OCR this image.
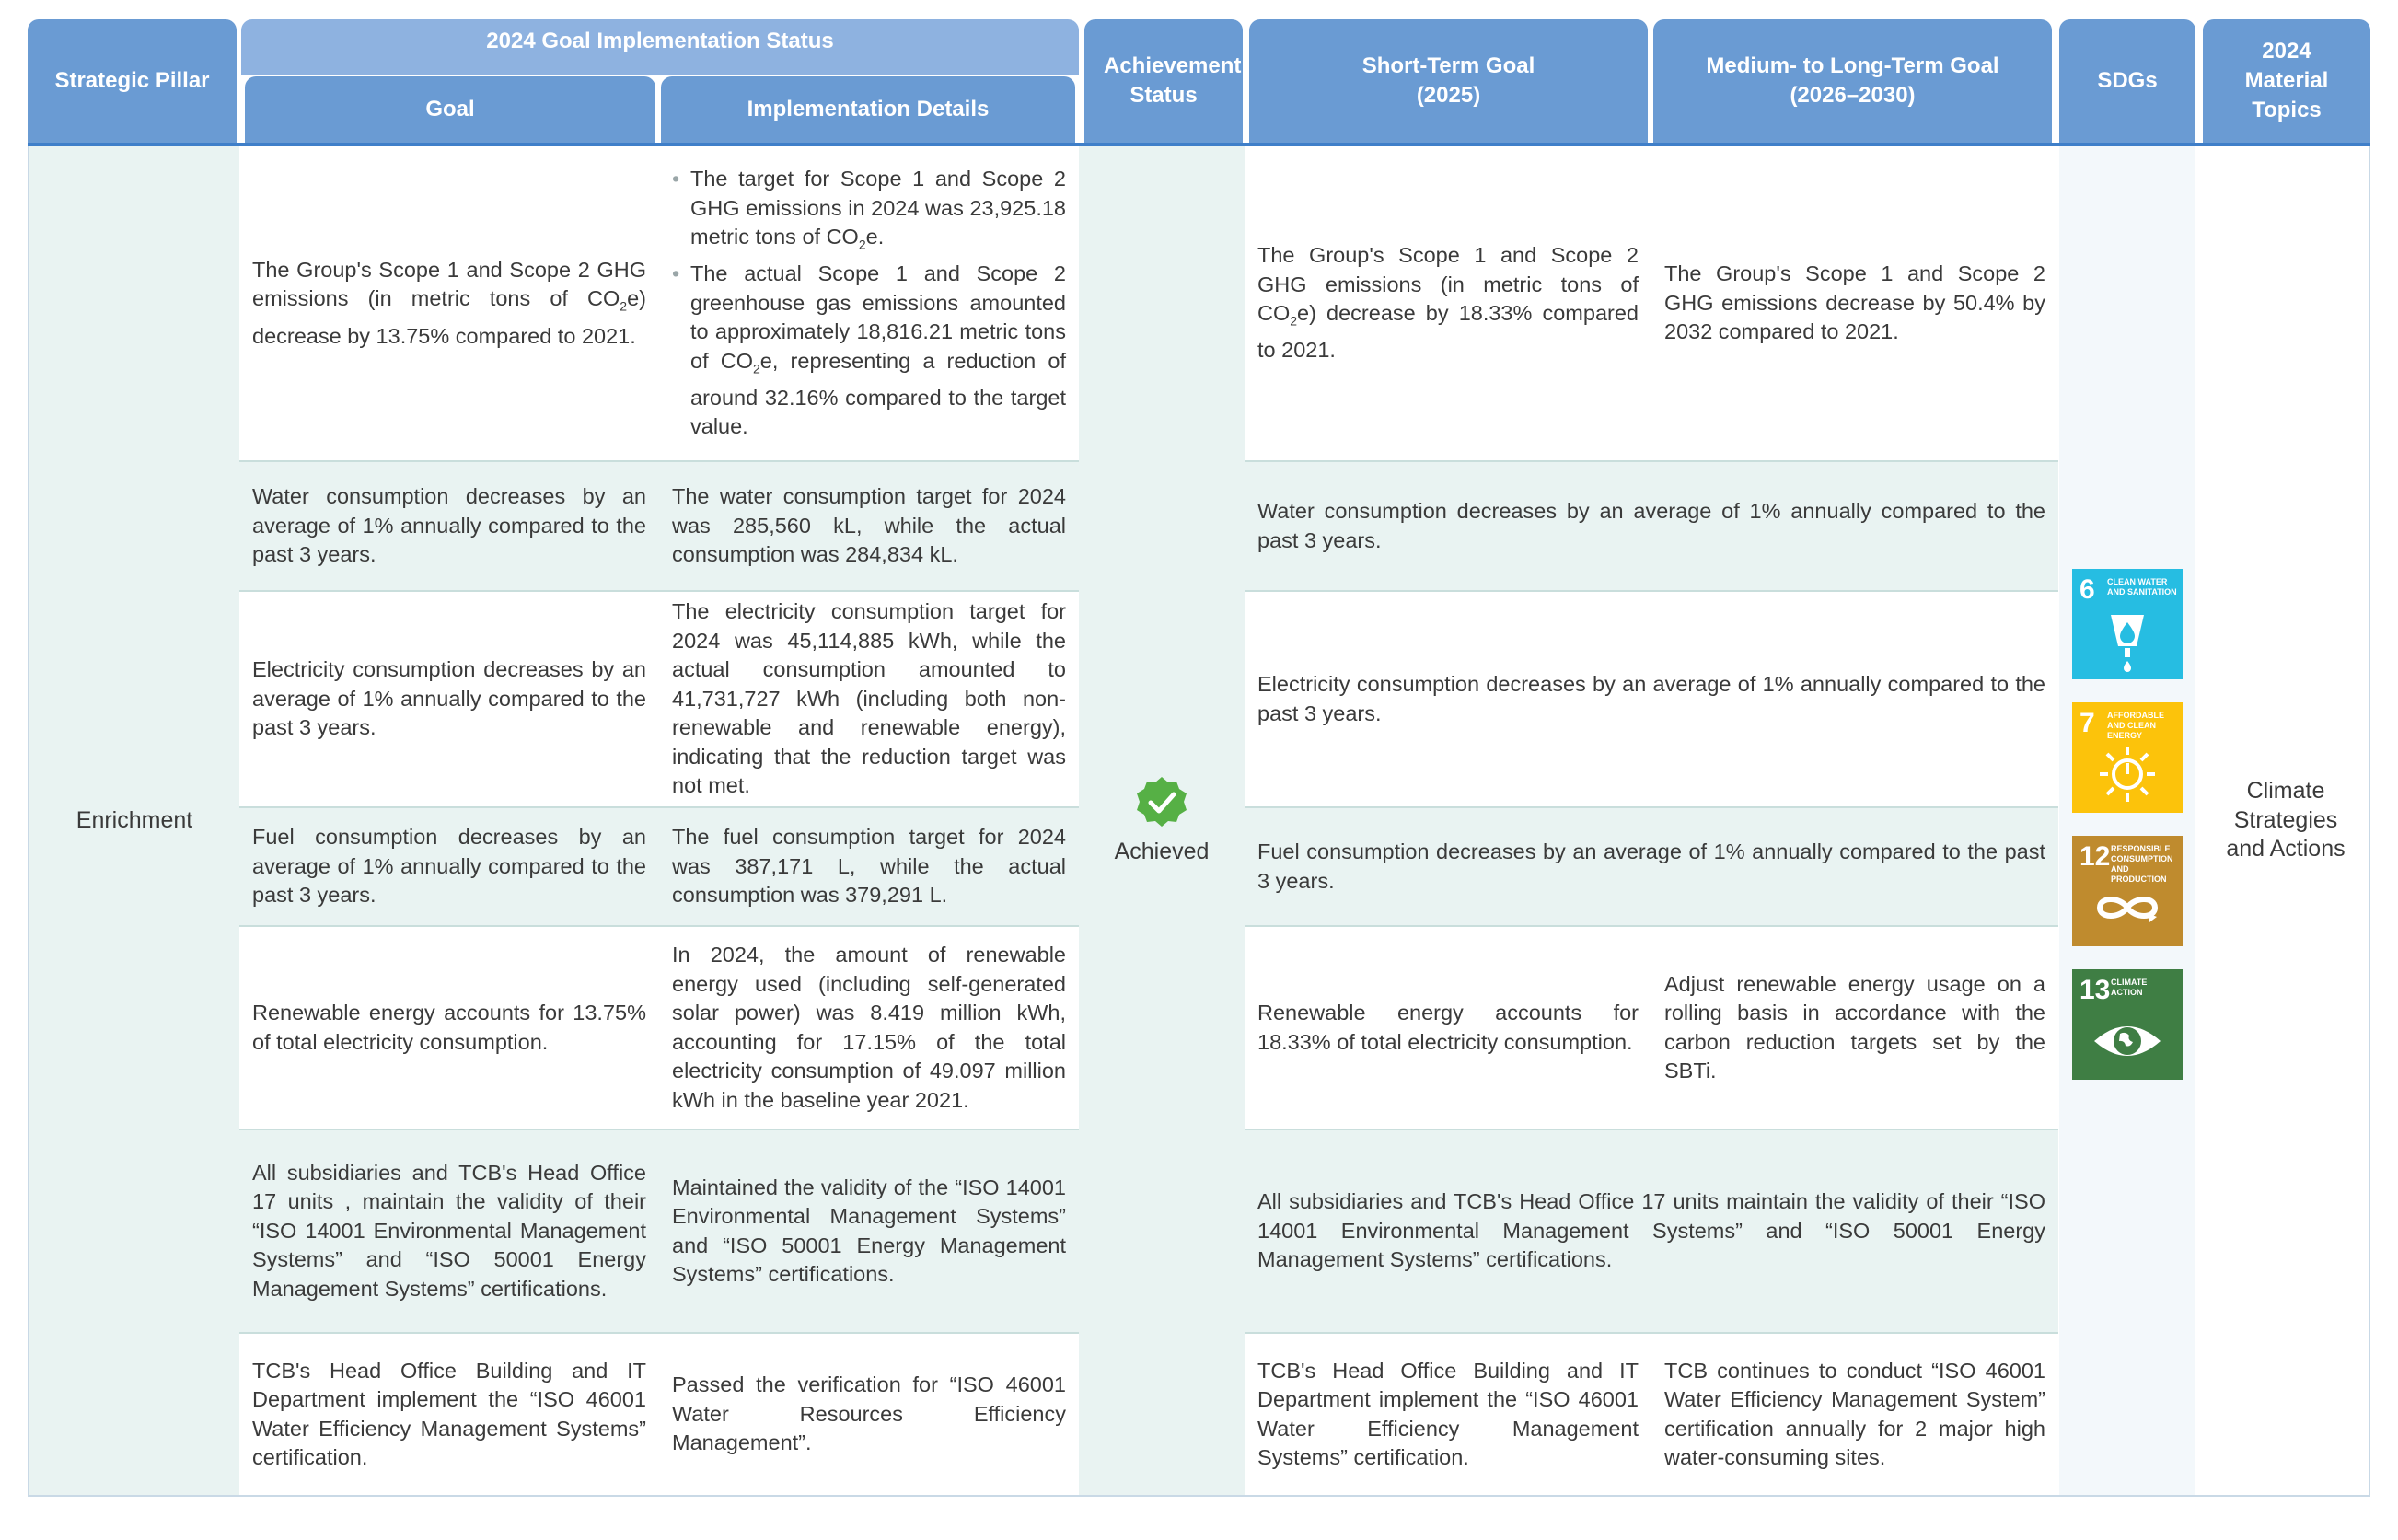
Strategic Pillar
2024 Goal Implementation Status
Goal	Implementation Details
Achievement Status
Short-Term Goal
(2025)
Medium- to Long-Term Goal
(2026–2030)
SDGs
2024 Material Topics
Enrichment
Achieved
The Group's Scope 1 and Scope 2 GHG emissions (in metric tons of $CO_2e$) decrease by 13.75% compared to 2021.
• The target for Scope 1 and Scope 2 GHG emissions in 2024 was 23,925.18 metric tons of $CO_2e$.
• The actual Scope 1 and Scope 2 greenhouse gas emissions amounted to approximately 18,816.21 metric tons of $CO_2e$, representing a reduction of around 32.16% compared to the target value.
The Group's Scope 1 and Scope 2 GHG emissions (in metric tons of $CO_2e$) decrease by 18.33% compared to 2021.
The Group's Scope 1 and Scope 2 GHG emissions decrease by 50.4% by 2032 compared to 2021.
Water consumption decreases by an average of 1% annually compared to the past 3 years.
The water consumption target for 2024 was 285,560 kL, while the actual consumption was 284,834 kL.
Water consumption decreases by an average of 1% annually compared to the past 3 years.
Electricity consumption decreases by an average of 1% annually compared to the past 3 years.
The electricity consumption target for 2024 was 45,114,885 kWh, while the actual consumption amounted to 41,731,727 kWh (including both non-renewable and renewable energy), indicating that the reduction target was not met.
Electricity consumption decreases by an average of 1% annually compared to the past 3 years.
Fuel consumption decreases by an average of 1% annually compared to the past 3 years.
The fuel consumption target for 2024 was 387,171 L, while the actual consumption was 379,291 L.
Fuel consumption decreases by an average of 1% annually compared to the past 3 years.
Renewable energy accounts for 13.75% of total electricity consumption.
In 2024, the amount of renewable energy used (including self-generated solar power) was 8.419 million kWh, accounting for 17.15% of the total electricity consumption of 49.097 million kWh in the baseline year 2021.
Renewable energy accounts for 18.33% of total electricity consumption.
Adjust renewable energy usage on a rolling basis in accordance with the carbon reduction targets set by the SBTi.
All subsidiaries and TCB's Head Office 17 units , maintain the validity of their “ISO 14001 Environmental Management Systems” and “ISO 50001 Energy Management Systems” certifications.
Maintained the validity of the “ISO 14001 Environmental Management Systems” and “ISO 50001 Energy Management Systems” certifications.
All subsidiaries and TCB's Head Office 17 units maintain the validity of their “ISO 14001 Environmental Management Systems” and “ISO 50001 Energy Management Systems” certifications.
TCB's Head Office Building and IT Department implement the “ISO 46001 Water Efficiency Management Systems” certification.
Passed the verification for “ISO 46001 Water Resources Efficiency Management”.
TCB's Head Office Building and IT Department implement the “ISO 46001 Water Efficiency Management Systems” certification.
TCB continues to conduct “ISO 46001 Water Efficiency Management System” certification annually for 2 major high water-consuming sites.
6 CLEAN WATER AND SANITATION
7 AFFORDABLE AND CLEAN ENERGY
12 RESPONSIBLE CONSUMPTION AND PRODUCTION
13 CLIMATE ACTION
Climate Strategies and Actions
